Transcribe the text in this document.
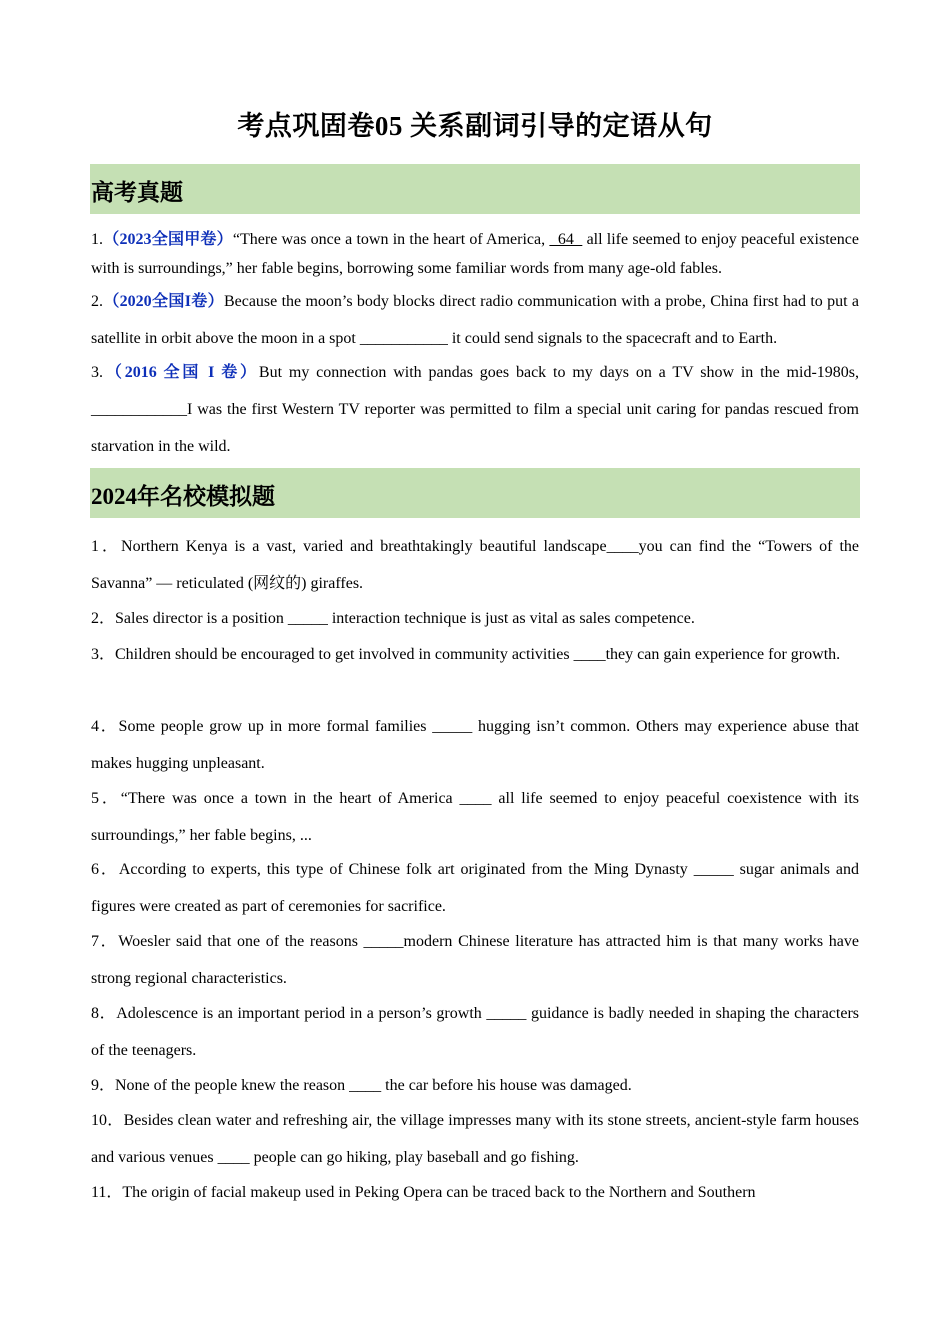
考点巩固卷05 关系副词引导的定语从句
高考真题
1.（2023全国甲卷）“There was once a town in the heart of America,   64   all life seemed to enjoy peaceful existence with is surroundings,” her fable begins, borrowing some familiar words from many age-old fables.
2.（2020全国I卷）Because the moon’s body blocks direct radio communication with a probe, China first had to put a satellite in orbit above the moon in a spot ___________ it could send signals to the spacecraft and to Earth.
3.（2016 全国 I 卷）But my connection with pandas goes back to my days on a TV show in the mid-1980s, ____________I was the first Western TV reporter was permitted to film a special unit caring for pandas rescued from starvation in the wild.
2024年名校模拟题
1．Northern Kenya is a vast, varied and breathtakingly beautiful landscape____you can find the “Towers of the Savanna” — reticulated (网纹的) giraffes.
2．Sales director is a position _____ interaction technique is just as vital as sales competence.
3．Children should be encouraged to get involved in community activities ____they can gain experience for growth.
4．Some people grow up in more formal families _____ hugging isn’t common. Others may experience abuse that makes hugging unpleasant.
5．“There was once a town in the heart of America ____ all life seemed to enjoy peaceful coexistence with its surroundings,” her fable begins, ...
6．According to experts, this type of Chinese folk art originated from the Ming Dynasty _____ sugar animals and figures were created as part of ceremonies for sacrifice.
7．Woesler said that one of the reasons _____modern Chinese literature has attracted him is that many works have strong regional characteristics.
8．Adolescence is an important period in a person’s growth _____ guidance is badly needed in shaping the characters of the teenagers.
9．None of the people knew the reason ____ the car before his house was damaged.
10．Besides clean water and refreshing air, the village impresses many with its stone streets, ancient-style farm houses and various venues ____ people can go hiking, play baseball and go fishing.
11．The origin of facial makeup used in Peking Opera can be traced back to the Northern and Southern
